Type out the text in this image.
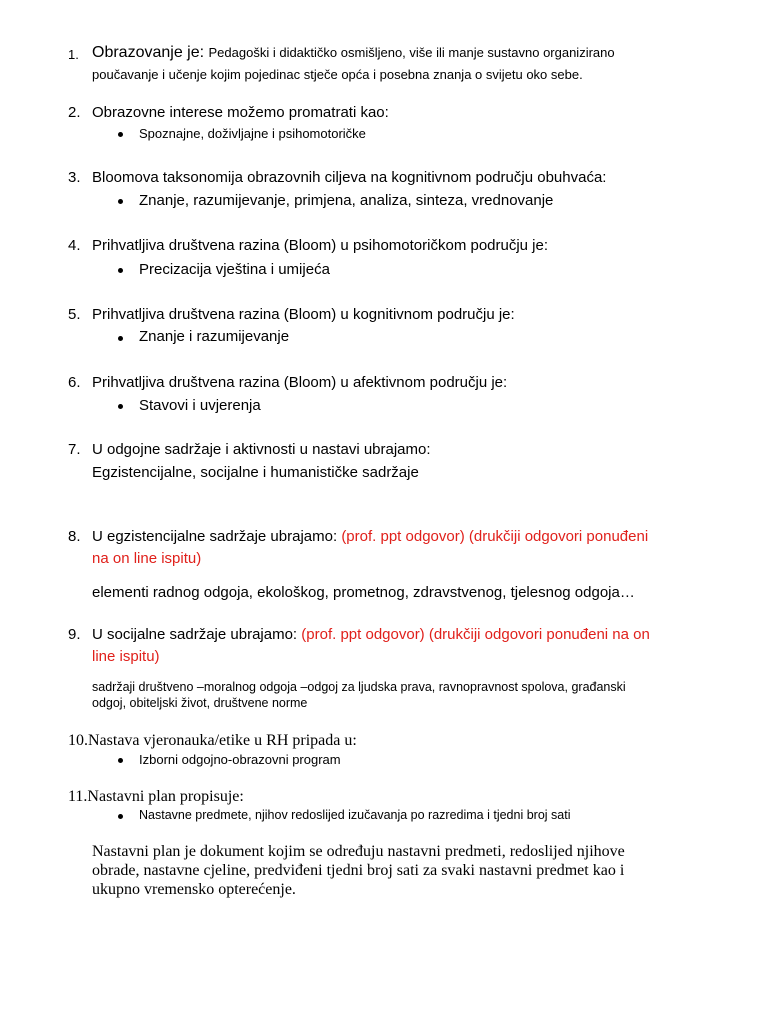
1. Obrazovanje je: Pedagoški i didaktičko osmišljeno, više ili manje sustavno organizirano
poučavanje i učenje kojim pojedinac stječe opća i posebna znanja o svijetu oko sebe.
2. Obrazovne interese možemo promatrati kao:
Spoznajne, doživljajne i psihomotoričke
3. Bloomova taksonomija obrazovnih ciljeva na kognitivnom području obuhvaća:
Znanje, razumijevanje, primjena, analiza, sinteza, vrednovanje
4. Prihvatljiva društvena razina (Bloom) u psihomotoričkom području je:
Precizacija vještina i umijeća
5. Prihvatljiva društvena razina (Bloom) u kognitivnom području je:
Znanje i razumijevanje
6. Prihvatljiva društvena razina (Bloom) u afektivnom području je:
Stavovi i uvjerenja
7. U odgojne sadržaje i aktivnosti u nastavi ubrajamo:
Egzistencijalne, socijalne i humanističke sadržaje
8. U egzistencijalne sadržaje ubrajamo: (prof. ppt odgovor) (drukčiji odgovori ponuđeni
na on line ispitu)
elementi radnog odgoja, ekološkog, prometnog, zdravstvenog, tjelesnog odgoja…
9. U socijalne sadržaje ubrajamo: (prof. ppt odgovor) (drukčiji odgovori ponuđeni na on
line ispitu)
sadržaji društveno –moralnog odgoja –odgoj za ljudska prava, ravnopravnost spolova, građanski
odgoj, obiteljski život, društvene norme
10.Nastava vjeronauka/etike u RH pripada u:
Izborni odgojno-obrazovni program
11.Nastavni plan propisuje:
Nastavne predmete, njihov redoslijed izučavanja po razredima i tjedni broj sati
Nastavni plan je dokument kojim se određuju nastavni predmeti, redoslijed njihove
obrade, nastavne cjeline, predviđeni tjedni broj sati za svaki nastavni predmet kao i
ukupno vremensko opterećenje.
